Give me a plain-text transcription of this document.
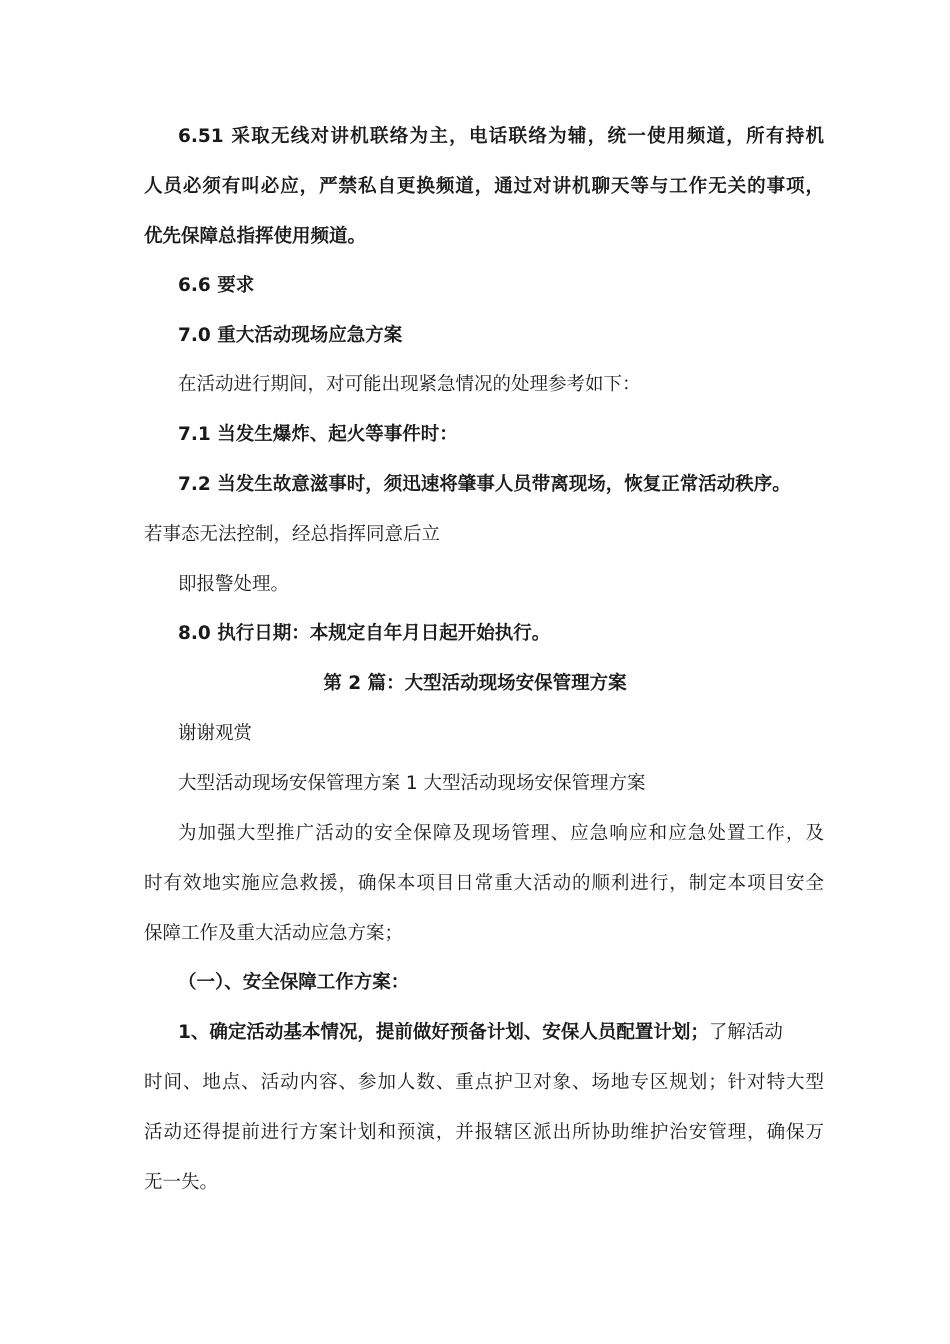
6.51 采取无线对讲机联络为主，电话联络为辅，统一使用频道，所有持机
人员必须有叫必应，严禁私自更换频道，通过对讲机聊天等与工作无关的事项，
优先保障总指挥使用频道。
6.6 要求
7.0 重大活动现场应急方案
在活动进行期间，对可能出现紧急情况的处理参考如下：
7.1 当发生爆炸、起火等事件时：
7.2 当发生故意滋事时，须迅速将肇事人员带离现场，恢复正常活动秩序。
若事态无法控制，经总指挥同意后立
即报警处理。
8.0 执行日期：本规定自年月日起开始执行。
第 2 篇：大型活动现场安保管理方案
谢谢观赏
大型活动现场安保管理方案 1 大型活动现场安保管理方案
为加强大型推广活动的安全保障及现场管理、应急响应和应急处置工作，及
时有效地实施应急救援，确保本项目日常重大活动的顺利进行，制定本项目安全
保障工作及重大活动应急方案；
（一）、安全保障工作方案：
1、确定活动基本情况，提前做好预备计划、安保人员配置计划；了解活动
时间、地点、活动内容、参加人数、重点护卫对象、场地专区规划；针对特大型
活动还得提前进行方案计划和预演，并报辖区派出所协助维护治安管理，确保万
无一失。
